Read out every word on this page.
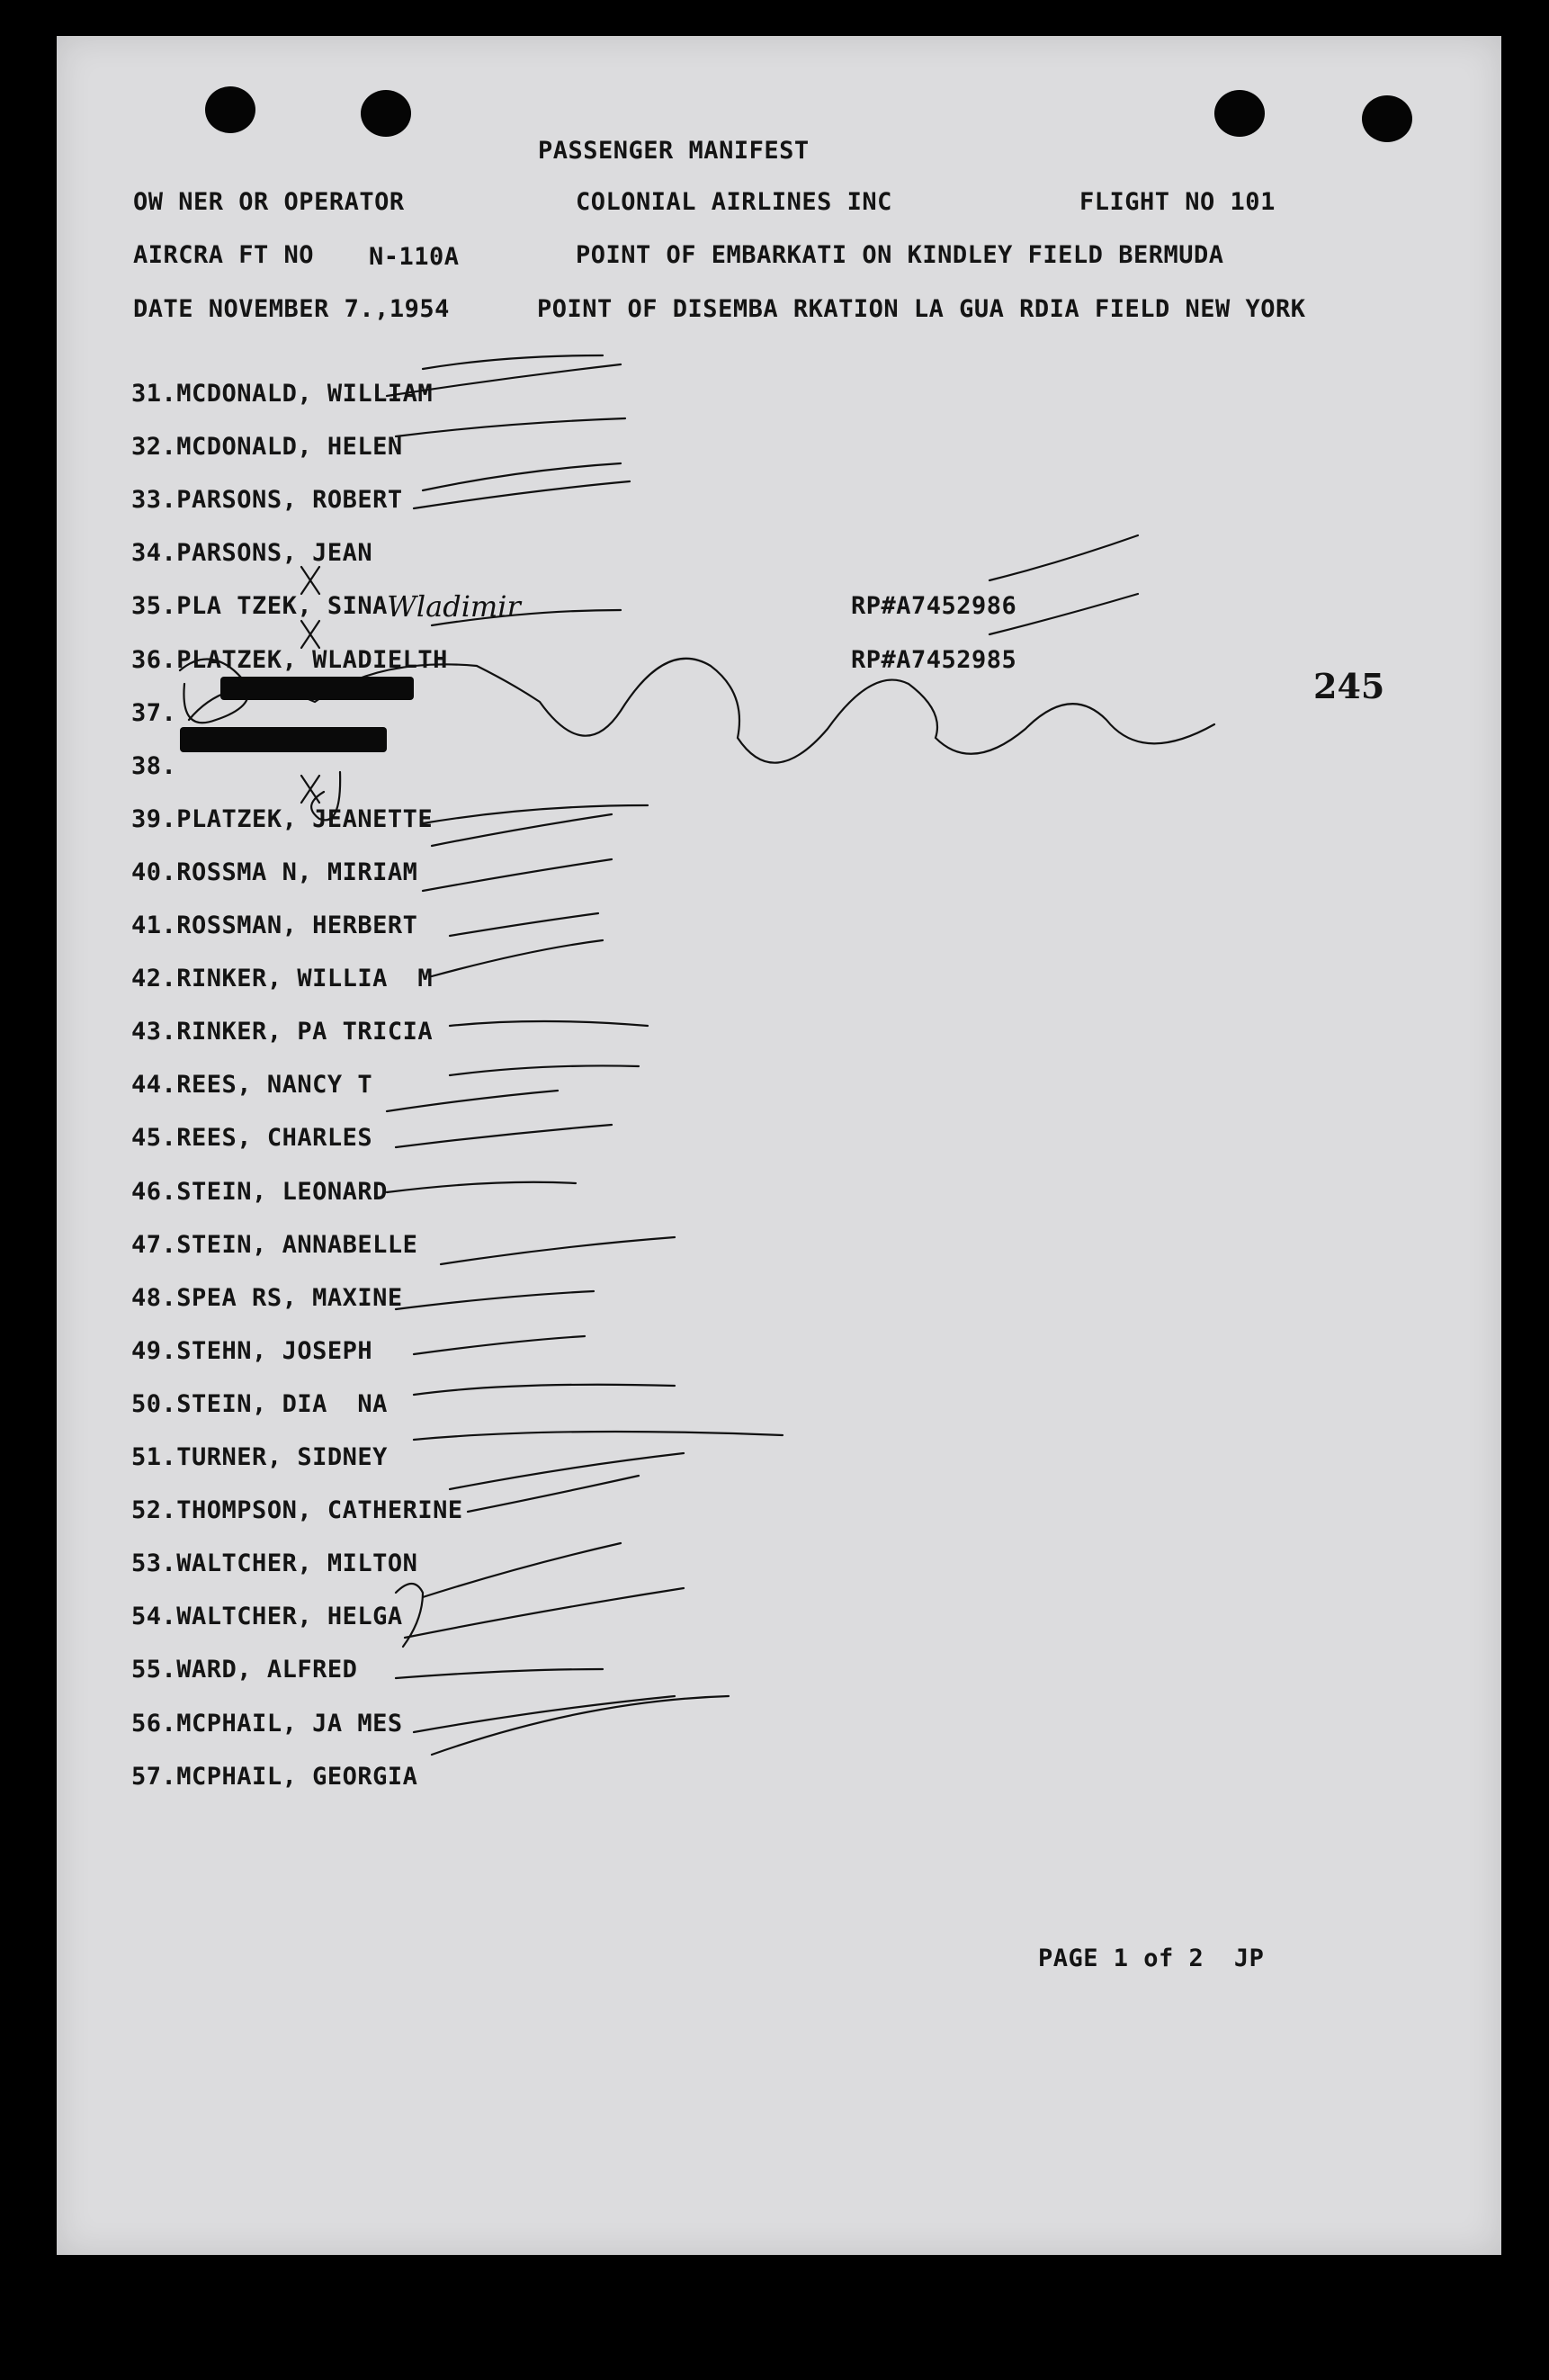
PASSENGER MANIFEST
OW NER OR OPERATOR	COLONIAL AIRLINES INC	FLIGHT NO 101
AIRCRA FT NO N-110A	POINT OF EMBARKATI ON KINDLEY FIELD BERMUDA
DATE NOVEMBER 7.,1954	POINT OF DISEMBA RKATION LA GUA RDIA FIELD NEW YORK
31.MCDONALD, WILLIAM
32.MCDONALD, HELEN
33.PARSONS, ROBERT
34.PARSONS, JEAN
35.PLA TZEK, SINA	RP#A7452986
36.PLATZEK, WLADIELTH	RP#A7452985
37.
38.
39.PLATZEK, JEANETTE
40.ROSSMA N, MIRIAM
41.ROSSMAN, HERBERT
42.RINKER, WILLIA  M
43.RINKER, PA TRICIA
44.REES, NANCY T
45.REES, CHARLES
46.STEIN, LEONARD
47.STEIN, ANNABELLE
48.SPEA RS, MAXINE
49.STEHN, JOSEPH
50.STEIN, DIA  NA
51.TURNER, SIDNEY
52.THOMPSON, CATHERINE
53.WALTCHER, MILTON
54.WALTCHER, HELGA
55.WARD, ALFRED
56.MCPHAIL, JA MES
57.MCPHAIL, GEORGIA
245
PAGE 1 of 2  JP
Wladimir
